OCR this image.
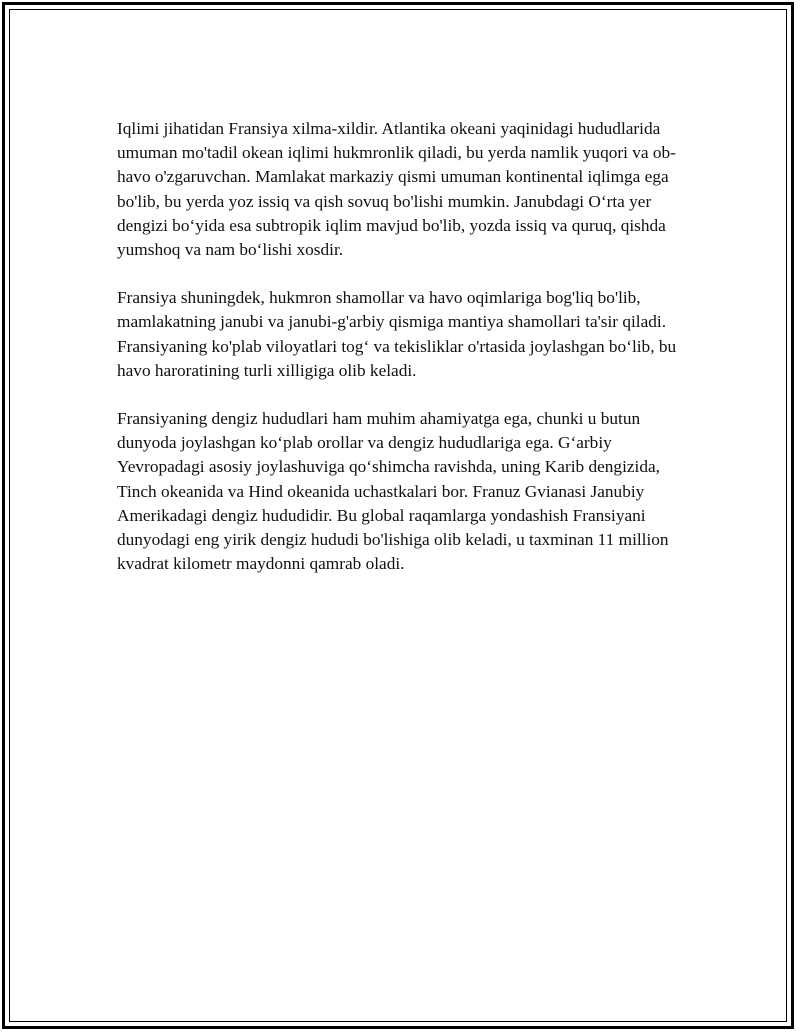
Iqlimi jihatidan Fransiya xilma-xildir. Atlantika okeani yaqinidagi hududlarida umuman mo'tadil okean iqlimi hukmronlik qiladi, bu yerda namlik yuqori va ob-havo o'zgaruvchan. Mamlakat markaziy qismi umuman kontinental iqlimga ega bo'lib, bu yerda yoz issiq va qish sovuq bo'lishi mumkin. Janubdagi O‘rta yer dengizi bo‘yida esa subtropik iqlim mavjud bo'lib, yozda issiq va quruq, qishda yumshoq va nam bo‘lishi xosdir.

Fransiya shuningdek, hukmron shamollar va havo oqimlariga bog'liq bo'lib, mamlakatning janubi va janubi-g'arbiy qismiga mantiya shamollari ta'sir qiladi. Fransiyaning ko'plab viloyatlari tog‘ va tekisliklar o'rtasida joylashgan bo‘lib, bu havo haroratining turli xilligiga olib keladi.

Fransiyaning dengiz hududlari ham muhim ahamiyatga ega, chunki u butun dunyoda joylashgan ko‘plab orollar va dengiz hududlariga ega. G‘arbiy Yevropadagi asosiy joylashuviga qo‘shimcha ravishda, uning Karib dengizida, Tinch okeanida va Hind okeanida uchastkalari bor. Franuz Gvianasi Janubiy Amerikadagi dengiz hududidir. Bu global raqamlarga yondashish Fransiyani dunyodagi eng yirik dengiz hududi bo'lishiga olib keladi, u taxminan 11 million kvadrat kilometr maydonni qamrab oladi.
